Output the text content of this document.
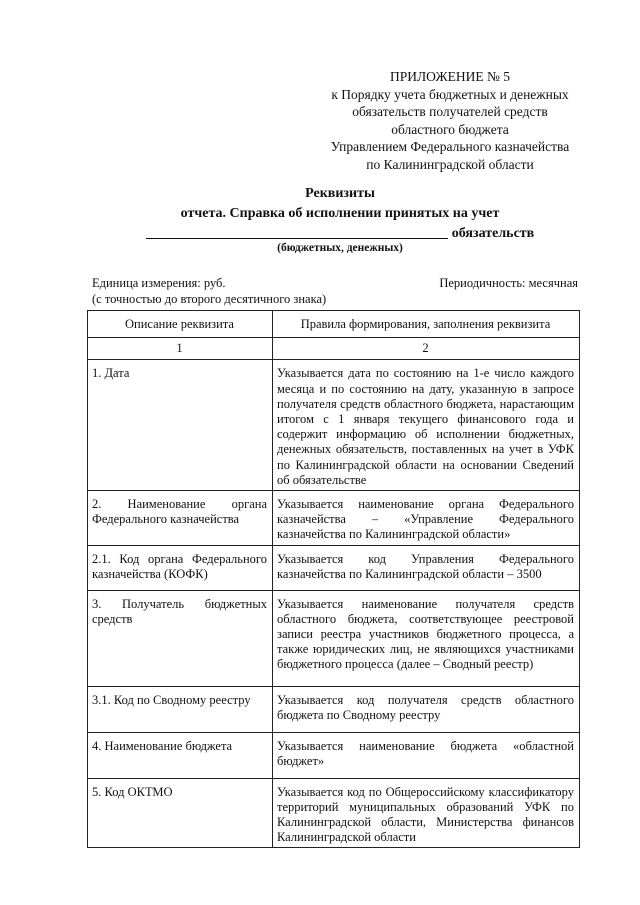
ПРИЛОЖЕНИЕ № 5
к Порядку учета бюджетных и денежных
обязательств получателей средств
областного бюджета
Управлением Федерального казначейства
по Калининградской области
Реквизиты
отчета. Справка об исполнении принятых на учет
обязательств
(бюджетных, денежных)
Единица измерения: руб.
(с точностью до второго десятичного знака)
Периодичность: месячная
Описание реквизита	Правила формирования, заполнения реквизита
1	2
1. Дата	Указывается дата по состоянию на 1-е число каждого месяца и по состоянию на дату, указанную в запросе получателя средств областного бюджета, нарастающим итогом с 1 января текущего финансового года и содержит информацию об исполнении бюджетных, денежных обязательств, поставленных на учет в УФК по Калининградской области на основании Сведений об обязательстве
2. Наименование органа Федерального казначейства	Указывается наименование органа Федерального казначейства – «Управление Федерального казначейства по Калининградской области»
2.1. Код органа Федерального казначейства (КОФК)	Указывается код Управления Федерального казначейства по Калининградской области – 3500
3. Получатель бюджетных средств	Указывается наименование получателя средств областного бюджета, соответствующее реестровой записи реестра участников бюджетного процесса, а также юридических лиц, не являющихся участниками бюджетного процесса (далее – Сводный реестр)
3.1. Код по Сводному реестру	Указывается код получателя средств областного бюджета по Сводному реестру
4. Наименование бюджета	Указывается наименование бюджета «областной бюджет»
5. Код ОКТМО	Указывается код по Общероссийскому классификатору территорий муниципальных образований УФК по Калининградской области, Министерства финансов Калининградской области
